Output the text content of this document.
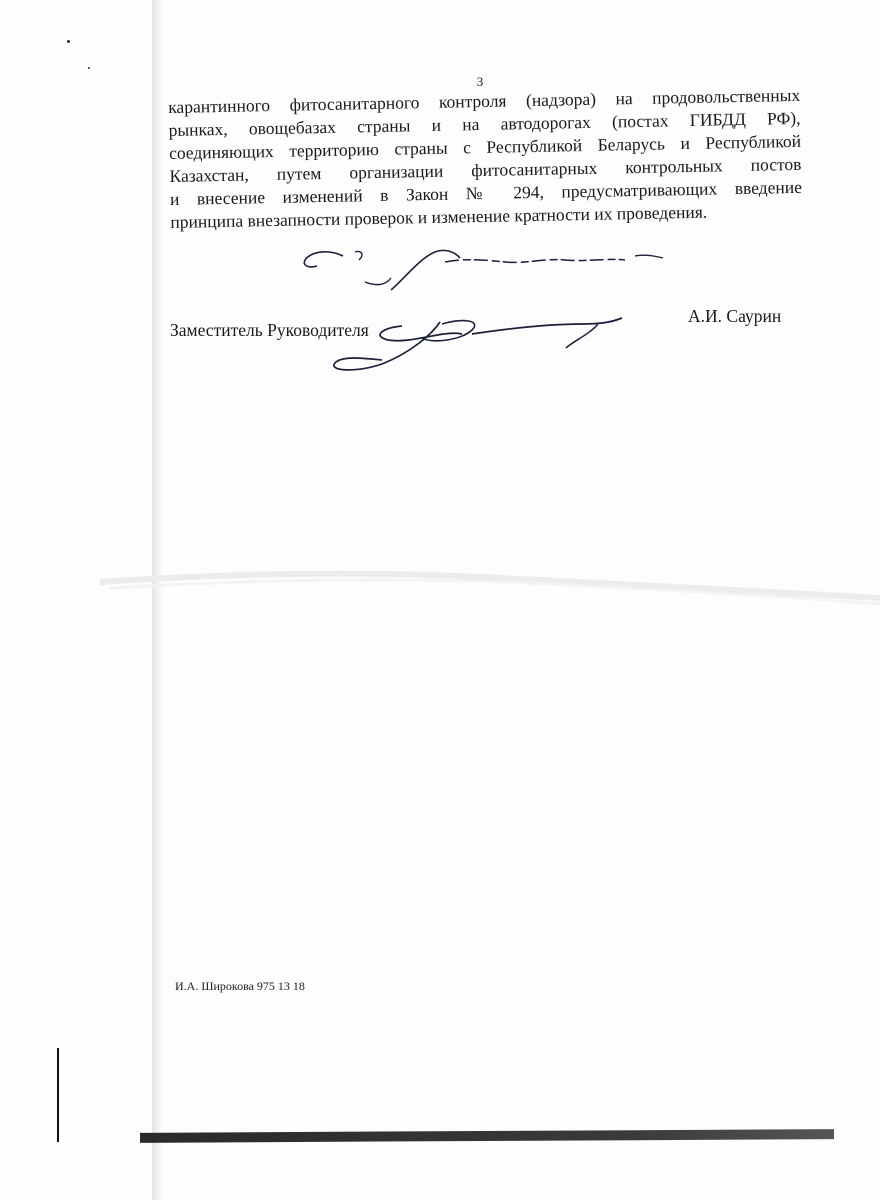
3
карантинного фитосанитарного контроля (надзора) на продовольственных
рынках, овощебазах страны и на автодорогах (постах ГИБДД РФ),
соединяющих территорию страны с Республикой Беларусь и Республикой
Казахстан, путем организации фитосанитарных контрольных постов
и внесение изменений в Закон № 294, предусматривающих введение
принципа внезапности проверок и изменение кратности их проведения.
Заместитель Руководителя
А.И. Саурин
И.А. Широкова 975 13 18
